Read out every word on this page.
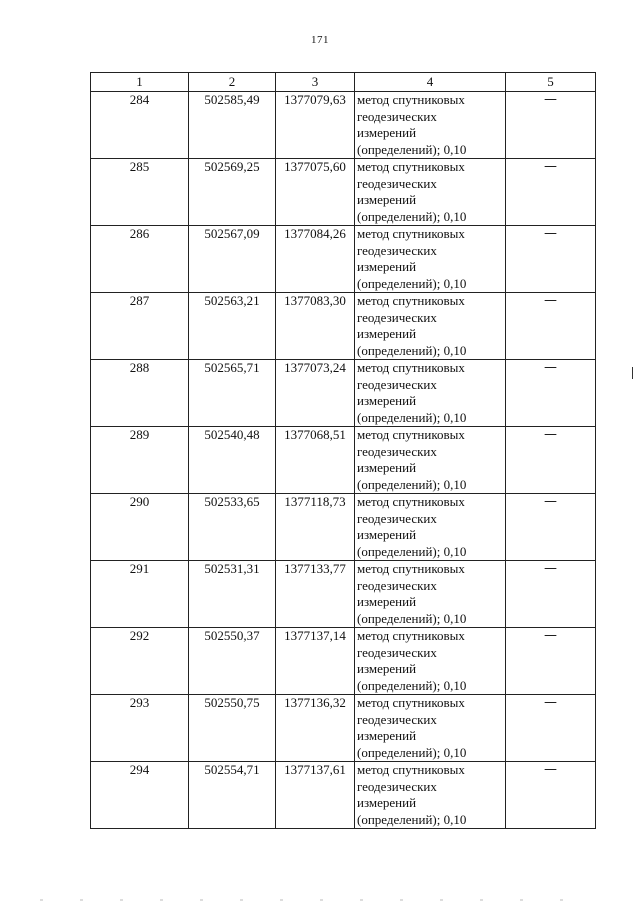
171
1	2	3	4	5
284	502585,49	1377079,63	метод спутниковых
геодезических
измерений
(определений); 0,10	—
285	502569,25	1377075,60	метод спутниковых
геодезических
измерений
(определений); 0,10	—
286	502567,09	1377084,26	метод спутниковых
геодезических
измерений
(определений); 0,10	—
287	502563,21	1377083,30	метод спутниковых
геодезических
измерений
(определений); 0,10	—
288	502565,71	1377073,24	метод спутниковых
геодезических
измерений
(определений); 0,10	—
289	502540,48	1377068,51	метод спутниковых
геодезических
измерений
(определений); 0,10	—
290	502533,65	1377118,73	метод спутниковых
геодезических
измерений
(определений); 0,10	—
291	502531,31	1377133,77	метод спутниковых
геодезических
измерений
(определений); 0,10	—
292	502550,37	1377137,14	метод спутниковых
геодезических
измерений
(определений); 0,10	—
293	502550,75	1377136,32	метод спутниковых
геодезических
измерений
(определений); 0,10	—
294	502554,71	1377137,61	метод спутниковых
геодезических
измерений
(определений); 0,10	—
